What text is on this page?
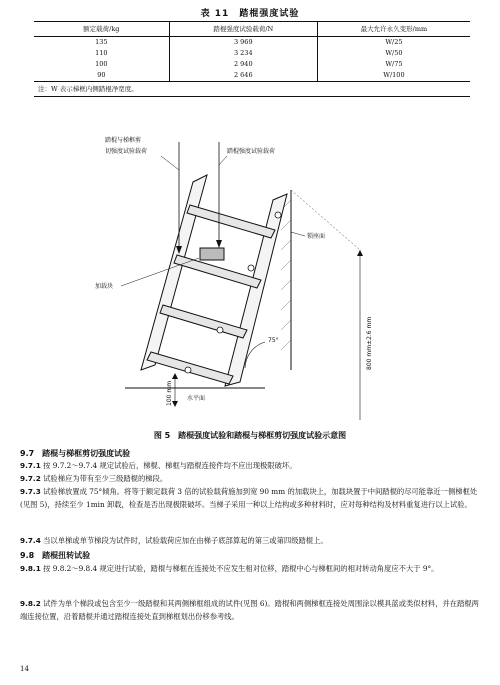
表 11　踏棍强度试验
额定载荷/kg	踏棍强度试验载荷/N	最大允许永久变形/mm
135	3 969	W/25
110	3 234	W/50
100	2 940	W/75
90	2 646	W/100
注：W 表示梯框内侧踏棍净宽度。		
踏棍与梯框剪
切强度试验载荷	踏棍强度试验载荷
锁座面
加载块
75°	800 mm±2.6 mm
100 mm 水平面
图 5　踏棍强度试验和踏棍与梯框剪切强度试验示意图
9.7　踏棍与梯框剪切强度试验
9.7.1 按 9.7.2～9.7.4 规定试验后，梯棍、梯框与踏棍连接件均不应出现极限破坏。
9.7.2 试验梯应为带有至少三级踏棍的梯段。
9.7.3 试验梯放置成 75°倾角。将等于额定载荷 3 倍的试验载荷施加到宽 90 mm 的加载块上，加载块置于中间踏棍的尽可能靠近一侧梯框处(见图 5)，持续至少 1min 卸载，检查是否出现极限破坏。当梯子采用一种以上结构或多种材料时，应对每种结构及材料重复进行以上试验。
9.7.4 当以单梯或单节梯段为试件时，试验载荷应加在由梯子底部算起的第三或第四级踏棍上。
9.8　踏棍扭转试验
9.8.1 按 9.8.2～9.8.4 规定进行试验，踏棍与梯框在连接处不应发生相对位移，踏棍中心与梯框间的相对转动角度应不大于 9°。
9.8.2 试件为单个梯段或包含至少一级踏棍和其两侧梯框组成的试件(见图 6)。踏棍和两侧梯框连接处周围涂以模具蓝或类似材料，并在踏棍两端连接位置，沿着踏棍并通过踏棍连接处直到梯框划出份移参考线。
14
